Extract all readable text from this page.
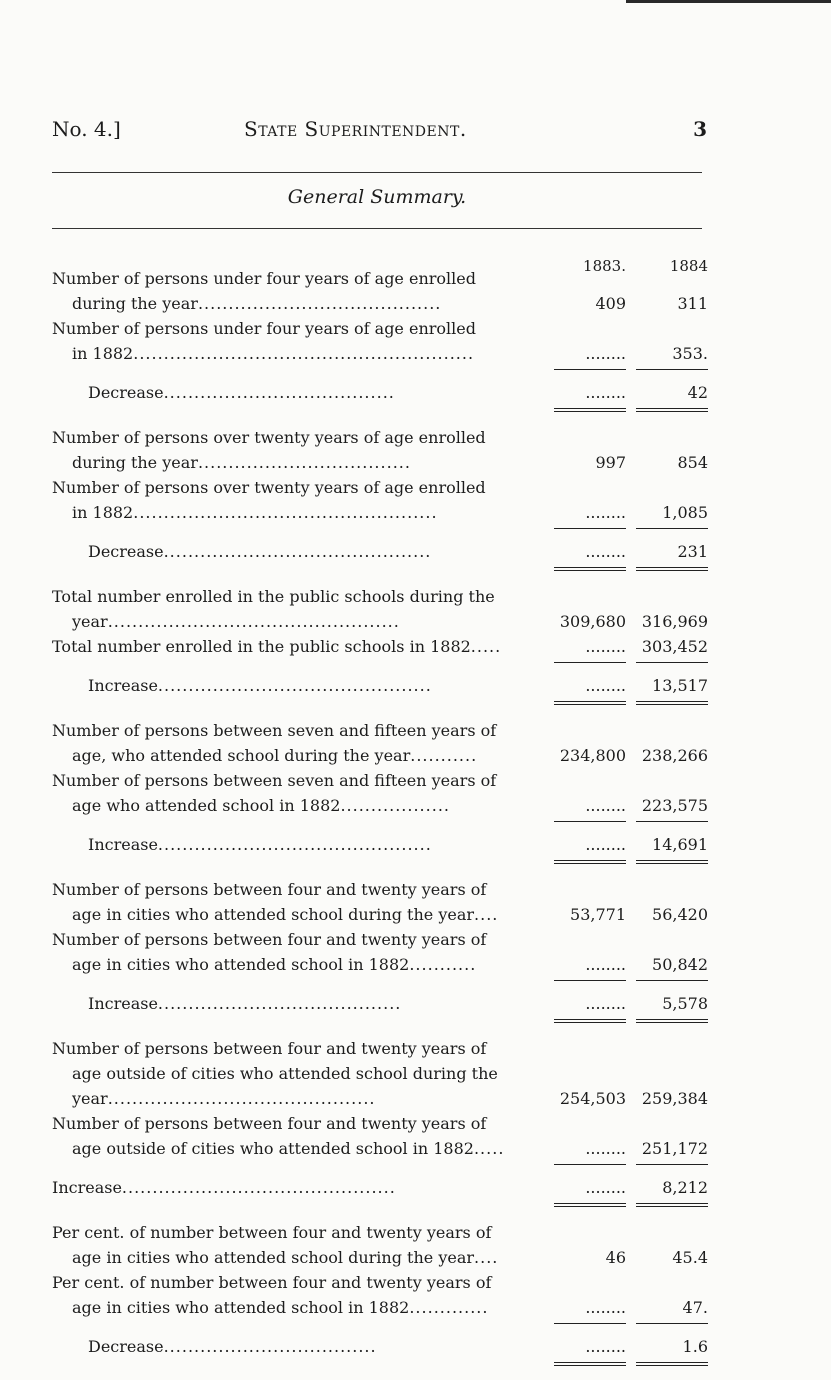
No. 4.]	State Superintendent.	3
General Summary.
1883.	1884
Number of persons under four years of age enrolled
during the year........................................	409	311
Number of persons under four years of age enrolled
in 1882........................................................	........	353.
Decrease......................................	........	42
Number of persons over twenty years of age enrolled
during the year...................................	997	854
Number of persons over twenty years of age enrolled
in 1882..................................................	........	1,085
Decrease............................................	........	231
Total number enrolled in the public schools during the
year................................................	309,680 316,969
Total number enrolled in the public schools in 1882.....	........ 303,452
Increase.............................................	........	13,517
Number of persons between seven and fifteen years of
age, who attended school during the year...........	234,800 238,266
Number of persons between seven and fifteen years of
age who attended school in 1882..................	........ 223,575
Increase.............................................	........	14,691
Number of persons between four and twenty years of
age in cities who attended school during the year....	53,771	56,420
Number of persons between four and twenty years of
age in cities who attended school in 1882...........	........	50,842
Increase........................................	........	5,578
Number of persons between four and twenty years of
age outside of cities who attended school during the
year............................................	254,503 259,384
Number of persons between four and twenty years of
age outside of cities who attended school in 1882.....	........ 251,172
Increase.............................................	........	8,212
Per cent. of number between four and twenty years of
age in cities who attended school during the year....	46	45.4
Per cent. of number between four and twenty years of
age in cities who attended school in 1882.............	........	47.
Decrease...................................	........	1.6
